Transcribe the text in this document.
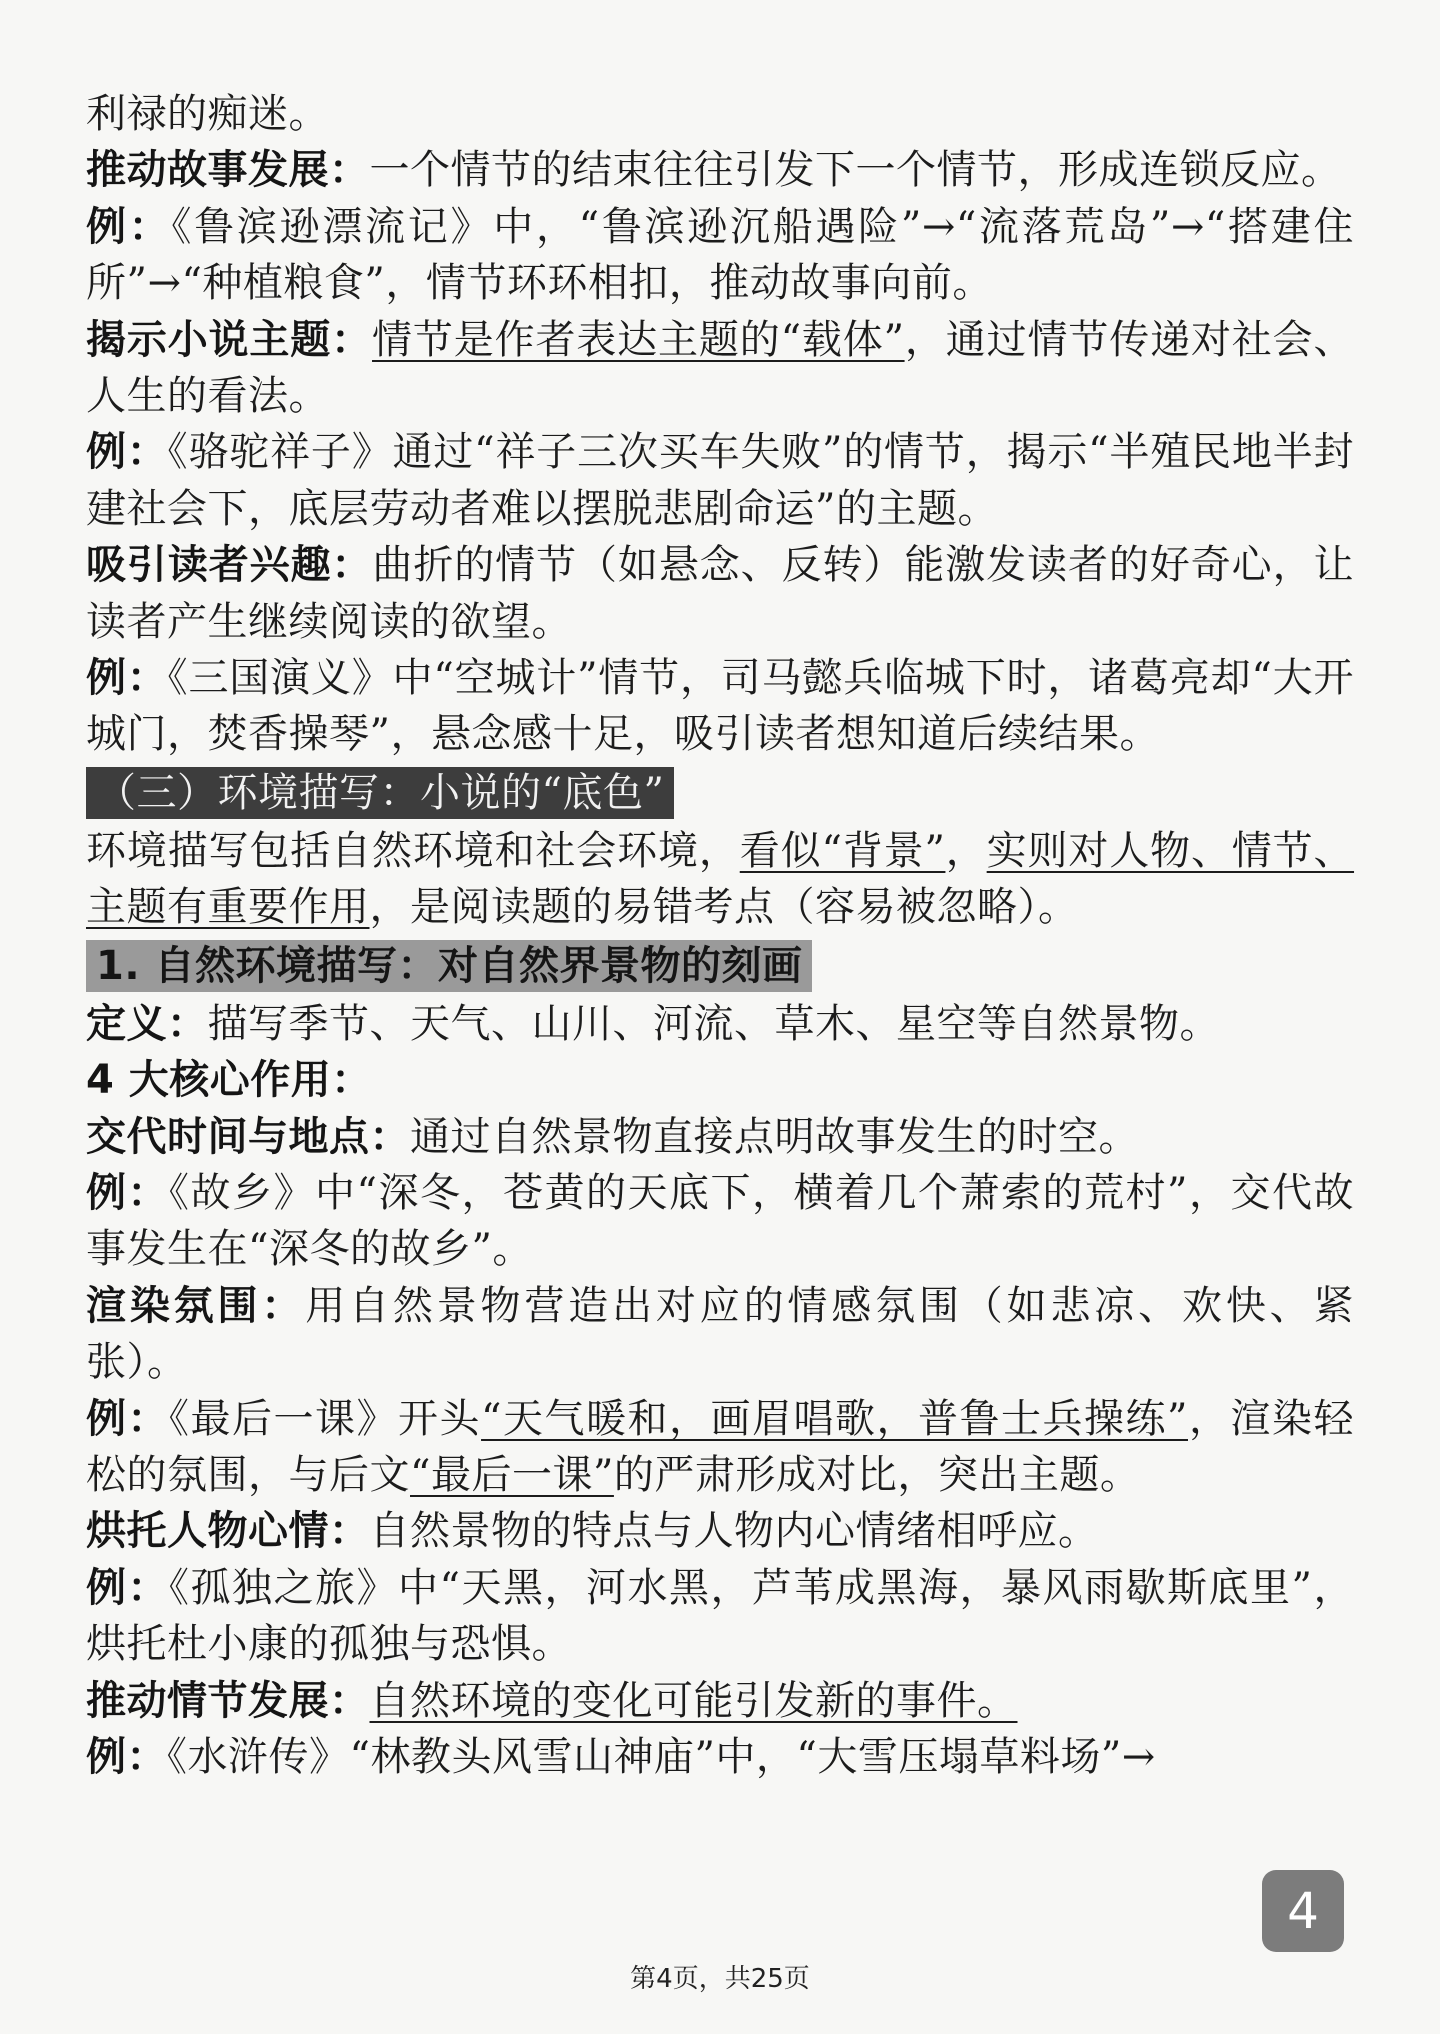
利禄的痴迷。

推动故事发展：一个情节的结束往往引发下一个情节，形成连锁反应。

例：《鲁滨逊漂流记》中，“鲁滨逊沉船遇险”→“流落荒岛”→“搭建住所”→“种植粮食”，情节环环相扣，推动故事向前。

揭示小说主题：情节是作者表达主题的“载体”，通过情节传递对社会、人生的看法。

例：《骆驼祥子》通过“祥子三次买车失败”的情节，揭示“半殖民地半封建社会下，底层劳动者难以摆脱悲剧命运”的主题。

吸引读者兴趣：曲折的情节（如悬念、反转）能激发读者的好奇心，让读者产生继续阅读的欲望。

例：《三国演义》中“空城计”情节，司马懿兵临城下时，诸葛亮却“大开城门，焚香操琴”，悬念感十足，吸引读者想知道后续结果。

（三）环境描写：小说的“底色”

环境描写包括自然环境和社会环境，看似“背景”，实则对人物、情节、主题有重要作用，是阅读题的易错考点（容易被忽略）。

1. 自然环境描写：对自然界景物的刻画

定义：描写季节、天气、山川、河流、草木、星空等自然景物。

4 大核心作用：

交代时间与地点：通过自然景物直接点明故事发生的时空。

例：《故乡》中“深冬，苍黄的天底下，横着几个萧索的荒村”，交代故事发生在“深冬的故乡”。

渲染氛围：用自然景物营造出对应的情感氛围（如悲凉、欢快、紧张）。

例：《最后一课》开头“天气暖和，画眉唱歌，普鲁士兵操练”，渲染轻松的氛围，与后文“最后一课”的严肃形成对比，突出主题。

烘托人物心情：自然景物的特点与人物内心情绪相呼应。

例：《孤独之旅》中“天黑，河水黑，芦苇成黑海，暴风雨歇斯底里”，烘托杜小康的孤独与恐惧。

推动情节发展：自然环境的变化可能引发新的事件。

例：《水浒传》“林教头风雪山神庙”中，“大雪压塌草料场”→

4
第4页，共25页
